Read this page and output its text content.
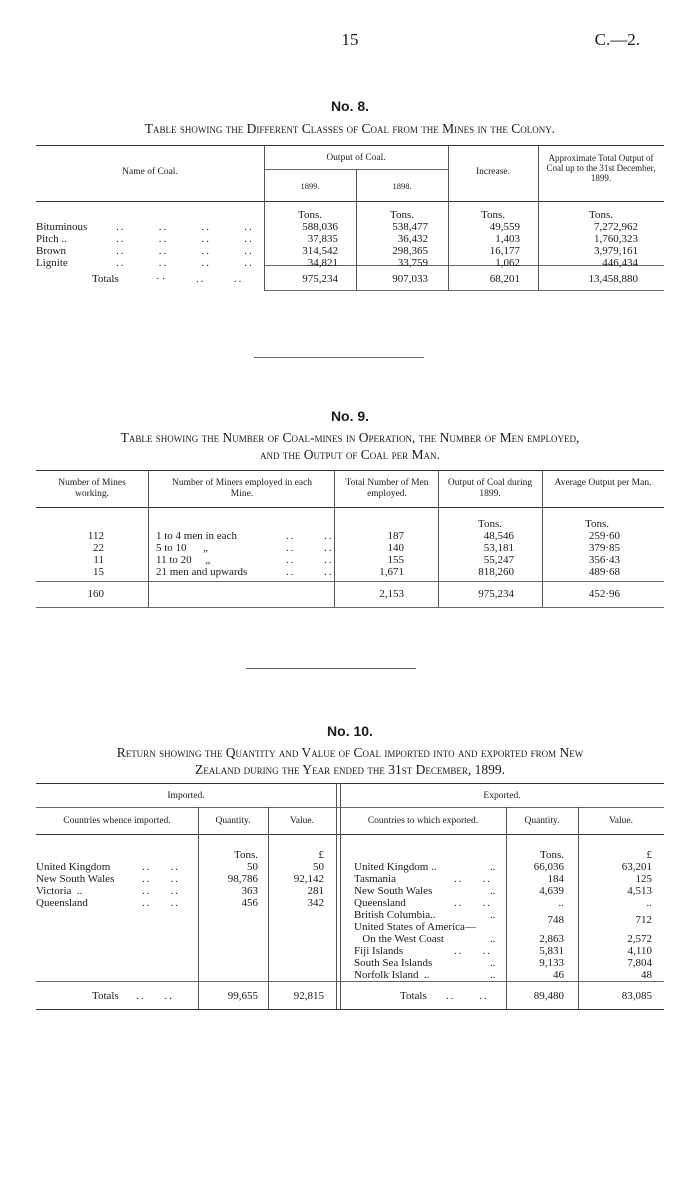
15	C.—2.
No. 8.
Table showing the Different Classes of Coal from the Mines in the Colony.
Name of Coal.
Output of Coal.
1899.	1898.
Increase.
Approximate Total Output of Coal up to the 31st December, 1899.
Tons.	Tons.	Tons.	Tons.
Bituminous	..       ..       ..       ..	588,036	538,477	49,559	7,272,962
Pitch ..	..       ..       ..       ..	37,835	36,432	1,403	1,760,323
Brown	..       ..       ..       ..	314,542	298,365	16,177	3,979,161
Lignite	..       ..       ..       ..	34,821	33,759	1,062	446,434
Totals	··      ..      ..	975,234	907,033	68,201	13,458,880
No. 9.
Table showing the Number of Coal-mines in Operation, the Number of Men employed,
and the Output of Coal per Man.
Number of Mines working.
Number of Miners employed in each Mine.
Total Number of Men employed.
Output of Coal during 1899.
Average Output per Man.
Tons.	Tons.
112	1 to 4 men in each	..      ..	187	48,546	259·60
22	5 to 10      „	..      ..	140	53,181	379·85
11	11 to 20     „	..      ..	155	55,247	356·43
15	21 men and upwards	..      ..	1,671	818,260	489·68
160	2,153	975,234	452·96
No. 10.
Return showing the Quantity and Value of Coal imported into and exported from New
Zealand during the Year ended the 31st December, 1899.
Imported.	Exported.
Countries whence imported.	Quantity.	Value.	Countries to which exported.	Quantity.	Value.
Tons.	£	Tons.	£
United Kingdom	..    ..	50	50
New South Wales	..    ..	98,786	92,142
Victoria  ..	..    ..	363	281
Queensland	..    ..	456	342
United Kingdom ..	..	66,036	63,201
Tasmania	..    ..	184	125
New South Wales	..	4,639	4,513
Queensland	..    ..	..	..
British Columbia..	..	748	712
United States of America—
On the West Coast	..	2,863	2,572
Fiji Islands	..    ..	5,831	4,110
South Sea Islands	..	9,133	7,804
Norfolk Island  ..	..	46	48
Totals ..    ..	99,655	92,815	Totals ..     ..	89,480	83,085
